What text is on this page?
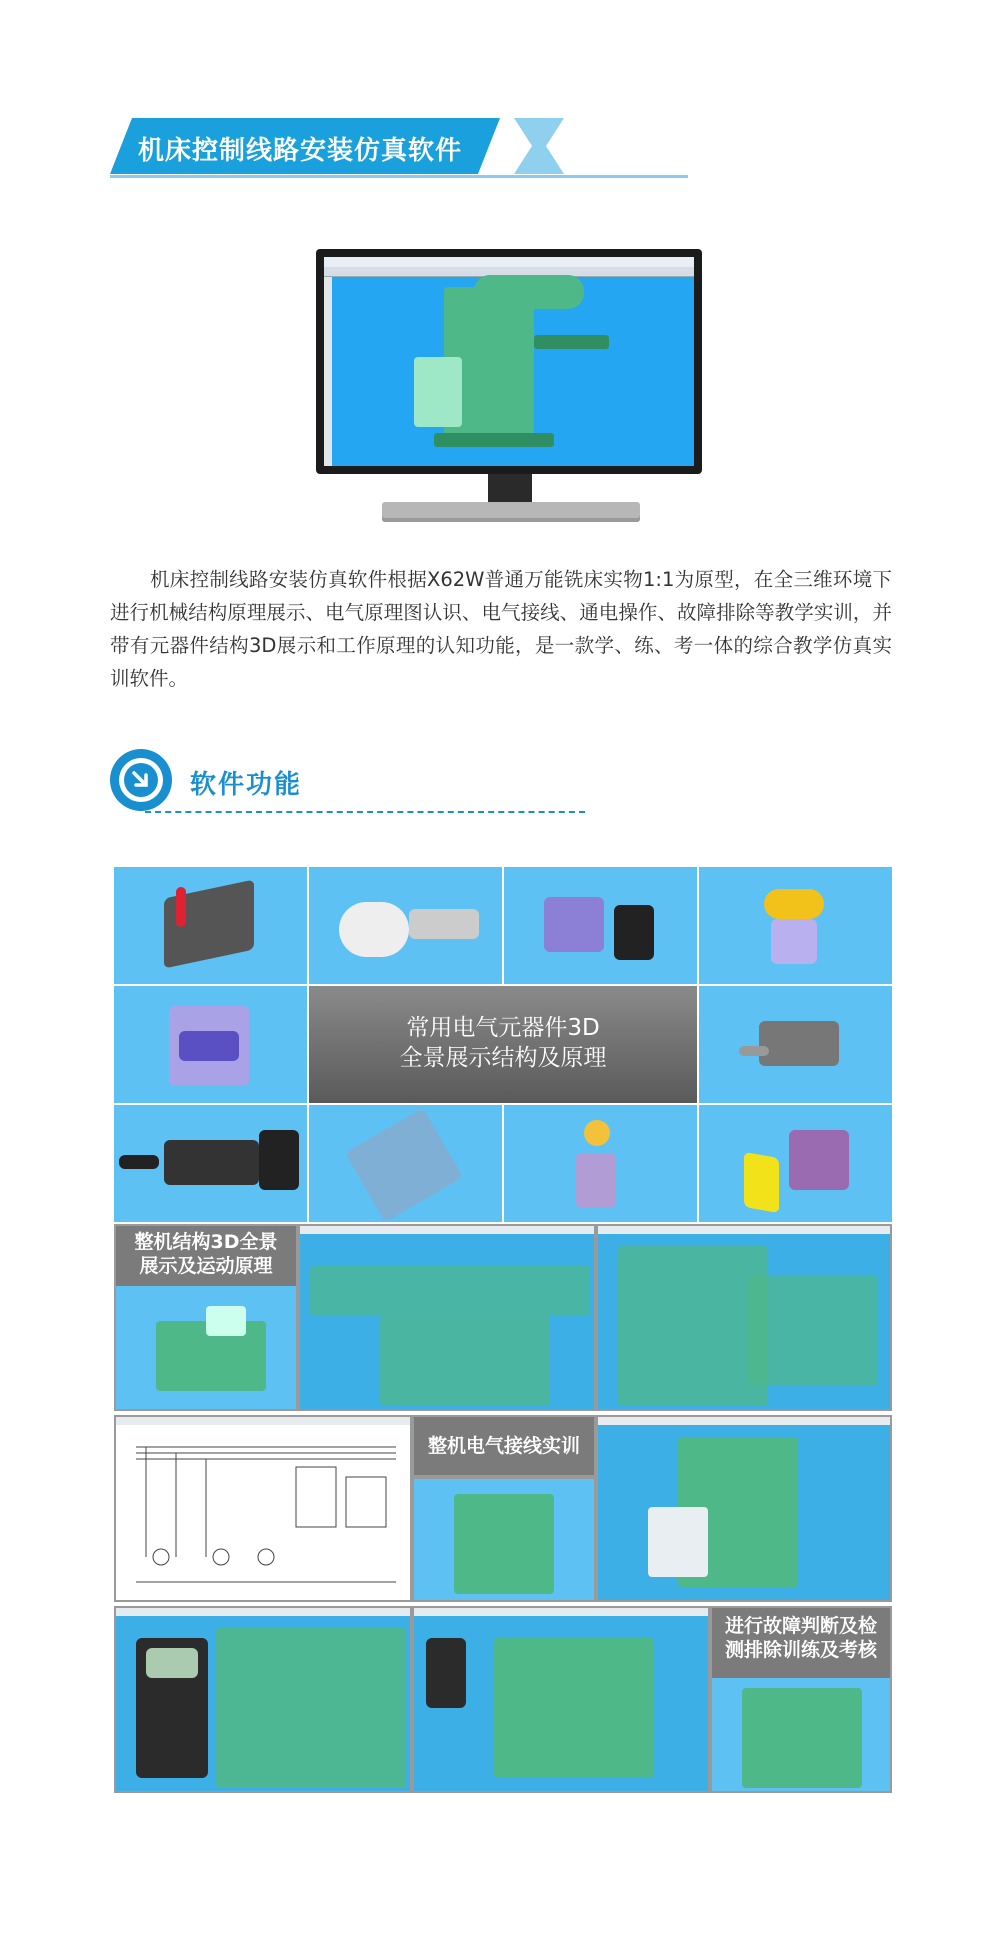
机床控制线路安装仿真软件
机床控制线路安装仿真软件根据X62W普通万能铣床实物1:1为原型，在全三维环境下进行机械结构原理展示、电气原理图认识、电气接线、通电操作、故障排除等教学实训，并带有元器件结构3D展示和工作原理的认知功能，是一款学、练、考一体的综合教学仿真实训软件。
软件功能
常用电气元器件3D
全景展示结构及原理
整机结构3D全景
展示及运动原理
整机电气接线实训
进行故障判断及检
测排除训练及考核
